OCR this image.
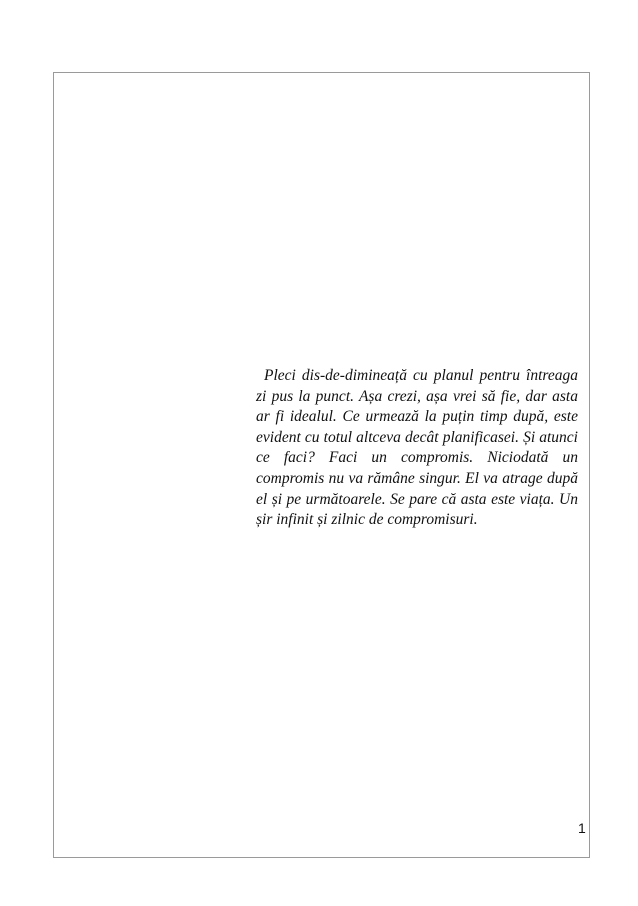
Pleci dis-de-dimineață cu planul pentru întreaga zi pus la punct. Așa crezi, așa vrei să fie, dar asta ar fi idealul. Ce urmează la puțin timp după, este evident cu totul altceva decât planificasei. Și atunci ce faci? Faci un compromis. Niciodată un compromis nu va rămâne singur. El va atrage după el și pe următoarele. Se pare că asta este viața. Un șir infinit și zilnic de compromisuri.

1
